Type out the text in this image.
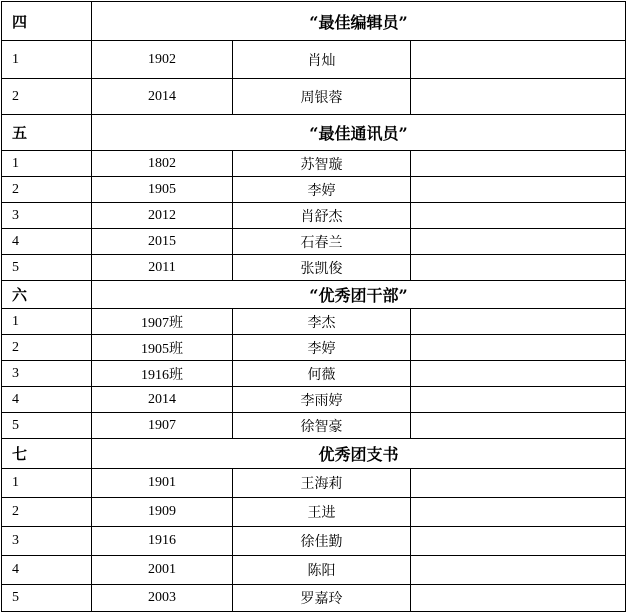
四	“最佳编辑员”		
1	1902	肖灿	
2	2014	周银蓉	
五	“最佳通讯员”		
1	1802	苏智璇	
2	1905	李婷	
3	2012	肖舒杰	
4	2015	石春兰	
5	2011	张凯俊	
六	“优秀团干部”		
1	1907班	李杰	
2	1905班	李婷	
3	1916班	何薇	
4	2014	李雨婷	
5	1907	徐智豪	
七	优秀团支书		
1	1901	王海莉	
2	1909	王进	
3	1916	徐佳勤	
4	2001	陈阳	
5	2003	罗嘉玲	
